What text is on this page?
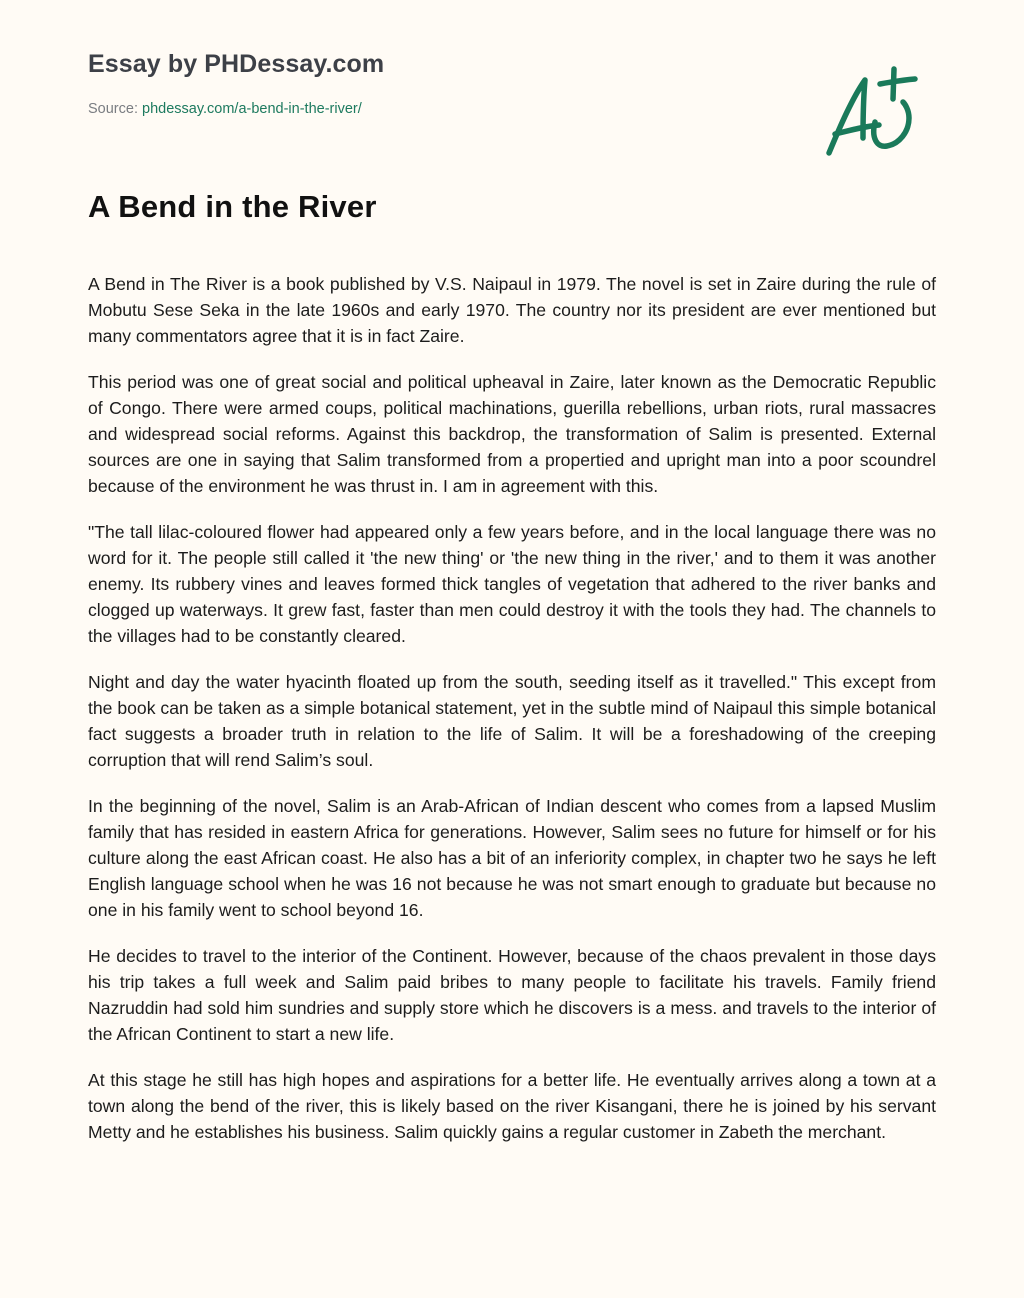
Essay by PHDessay.com
Source: phdessay.com/a-bend-in-the-river/
A Bend in the River

A Bend in The River is a book published by V.S. Naipaul in 1979. The novel is set in Zaire during the rule of Mobutu Sese Seka in the late 1960s and early 1970. The country nor its president are ever mentioned but many commentators agree that it is in fact Zaire.

This period was one of great social and political upheaval in Zaire, later known as the Democratic Republic of Congo. There were armed coups, political machinations, guerilla rebellions, urban riots, rural massacres and widespread social reforms. Against this backdrop, the transformation of Salim is presented. External sources are one in saying that Salim transformed from a propertied and upright man into a poor scoundrel because of the environment he was thrust in. I am in agreement with this.

"The tall lilac-coloured flower had appeared only a few years before, and in the local language there was no word for it. The people still called it 'the new thing' or 'the new thing in the river,' and to them it was another enemy. Its rubbery vines and leaves formed thick tangles of vegetation that adhered to the river banks and clogged up waterways. It grew fast, faster than men could destroy it with the tools they had. The channels to the villages had to be constantly cleared.

Night and day the water hyacinth floated up from the south, seeding itself as it travelled." This except from the book can be taken as a simple botanical statement, yet in the subtle mind of Naipaul this simple botanical fact suggests a broader truth in relation to the life of Salim. It will be a foreshadowing of the creeping corruption that will rend Salim’s soul.

In the beginning of the novel, Salim is an Arab-African of Indian descent who comes from a lapsed Muslim family that has resided in eastern Africa for generations. However, Salim sees no future for himself or for his culture along the east African coast. He also has a bit of an inferiority complex, in chapter two he says he left English language school when he was 16 not because he was not smart enough to graduate but because no one in his family went to school beyond 16.

He decides to travel to the interior of the Continent. However, because of the chaos prevalent in those days his trip takes a full week and Salim paid bribes to many people to facilitate his travels. Family friend Nazruddin had sold him sundries and supply store which he discovers is a mess. and travels to the interior of the African Continent to start a new life.

At this stage he still has high hopes and aspirations for a better life. He eventually arrives along a town at a town along the bend of the river, this is likely based on the river Kisangani, there he is joined by his servant Metty and he establishes his business. Salim quickly gains a regular customer in Zabeth the merchant.
